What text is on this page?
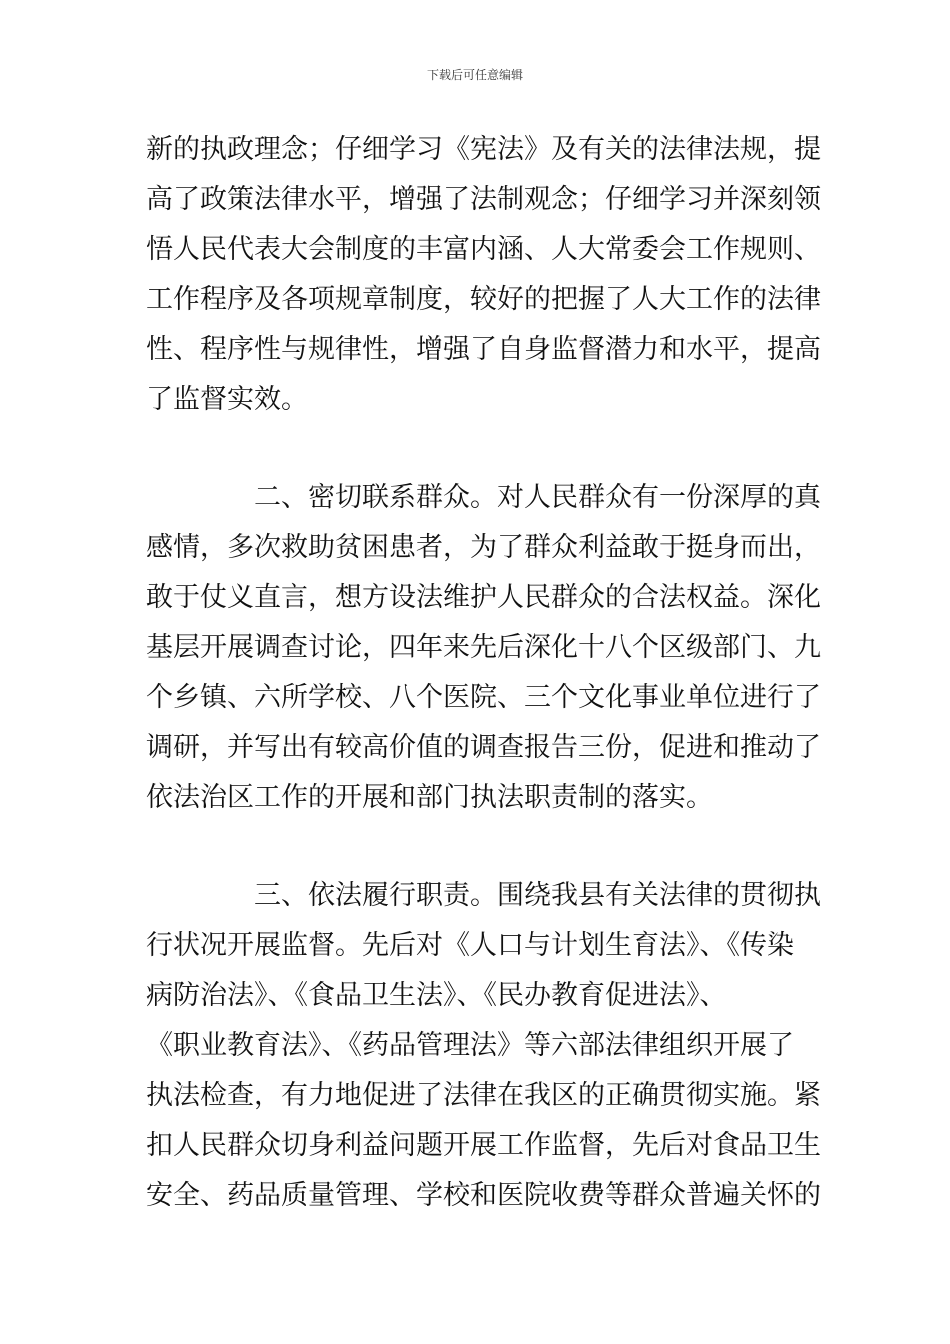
下载后可任意编辑
新的执政理念；仔细学习《宪法》及有关的法律法规，提
高了政策法律水平，增强了法制观念；仔细学习并深刻领
悟人民代表大会制度的丰富内涵、人大常委会工作规则、
工作程序及各项规章制度，较好的把握了人大工作的法律
性、程序性与规律性，增强了自身监督潜力和水平，提高
了监督实效。
二、密切联系群众。对人民群众有一份深厚的真
感情，多次救助贫困患者，为了群众利益敢于挺身而出，
敢于仗义直言，想方设法维护人民群众的合法权益。深化
基层开展调查讨论，四年来先后深化十八个区级部门、九
个乡镇、六所学校、八个医院、三个文化事业单位进行了
调研，并写出有较高价值的调查报告三份，促进和推动了
依法治区工作的开展和部门执法职责制的落实。
三、依法履行职责。围绕我县有关法律的贯彻执
行状况开展监督。先后对《人口与计划生育法》、《传染
病防治法》、《食品卫生法》、《民办教育促进法》、
《职业教育法》、《药品管理法》等六部法律组织开展了
执法检查，有力地促进了法律在我区的正确贯彻实施。紧
扣人民群众切身利益问题开展工作监督，先后对食品卫生
安全、药品质量管理、学校和医院收费等群众普遍关怀的
